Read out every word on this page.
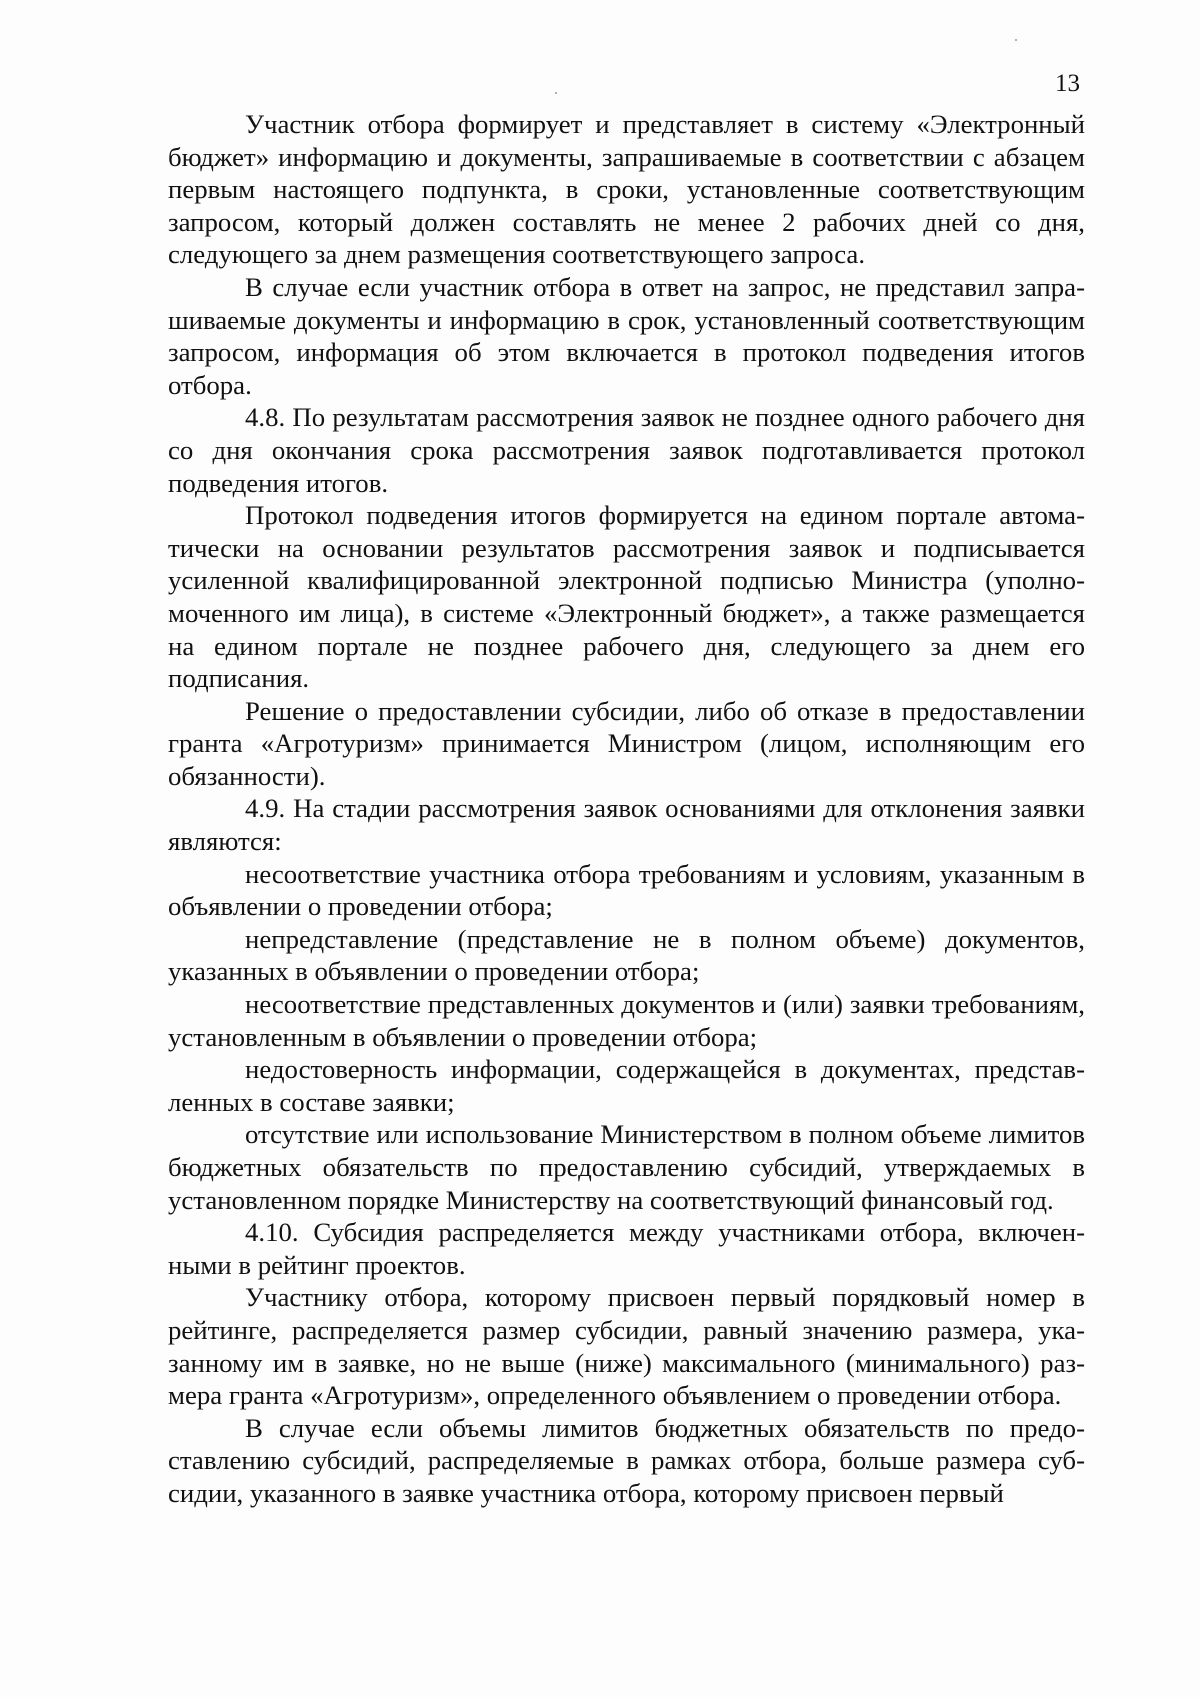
13

Участник отбора формирует и представляет в систему «Электронный бюджет» информацию и документы, запрашиваемые в соответствии с абзацем первым настоящего подпункта, в сроки, установленные соответствующим запросом, который должен составлять не менее 2 рабочих дней со дня, следующего за днем размещения соответствующего запроса.

В случае если участник отбора в ответ на запрос, не представил запрашиваемые документы и информацию в срок, установленный соответствующим запросом, информация об этом включается в протокол подведения итогов отбора.

4.8. По результатам рассмотрения заявок не позднее одного рабочего дня со дня окончания срока рассмотрения заявок подготавливается протокол подведения итогов.

Протокол подведения итогов формируется на едином портале автоматически на основании результатов рассмотрения заявок и подписывается усиленной квалифицированной электронной подписью Министра (уполномоченного им лица), в системе «Электронный бюджет», а также размещается на едином портале не позднее рабочего дня, следующего за днем его подписания.

Решение о предоставлении субсидии, либо об отказе в предоставлении гранта «Агротуризм» принимается Министром (лицом, исполняющим его обязанности).

4.9. На стадии рассмотрения заявок основаниями для отклонения заявки являются:

несоответствие участника отбора требованиям и условиям, указанным в объявлении о проведении отбора;

непредставление (представление не в полном объеме) документов, указанных в объявлении о проведении отбора;

несоответствие представленных документов и (или) заявки требованиям, установленным в объявлении о проведении отбора;

недостоверность информации, содержащейся в документах, представленных в составе заявки;

отсутствие или использование Министерством в полном объеме лимитов бюджетных обязательств по предоставлению субсидий, утверждаемых в установленном порядке Министерству на соответствующий финансовый год.

4.10. Субсидия распределяется между участниками отбора, включенными в рейтинг проектов.

Участнику отбора, которому присвоен первый порядковый номер в рейтинге, распределяется размер субсидии, равный значению размера, указанному им в заявке, но не выше (ниже) максимального (минимального) размера гранта «Агротуризм», определенного объявлением о проведении отбора.

В случае если объемы лимитов бюджетных обязательств по предоставлению субсидий, распределяемые в рамках отбора, больше размера субсидии, указанного в заявке участника отбора, которому присвоен первый
